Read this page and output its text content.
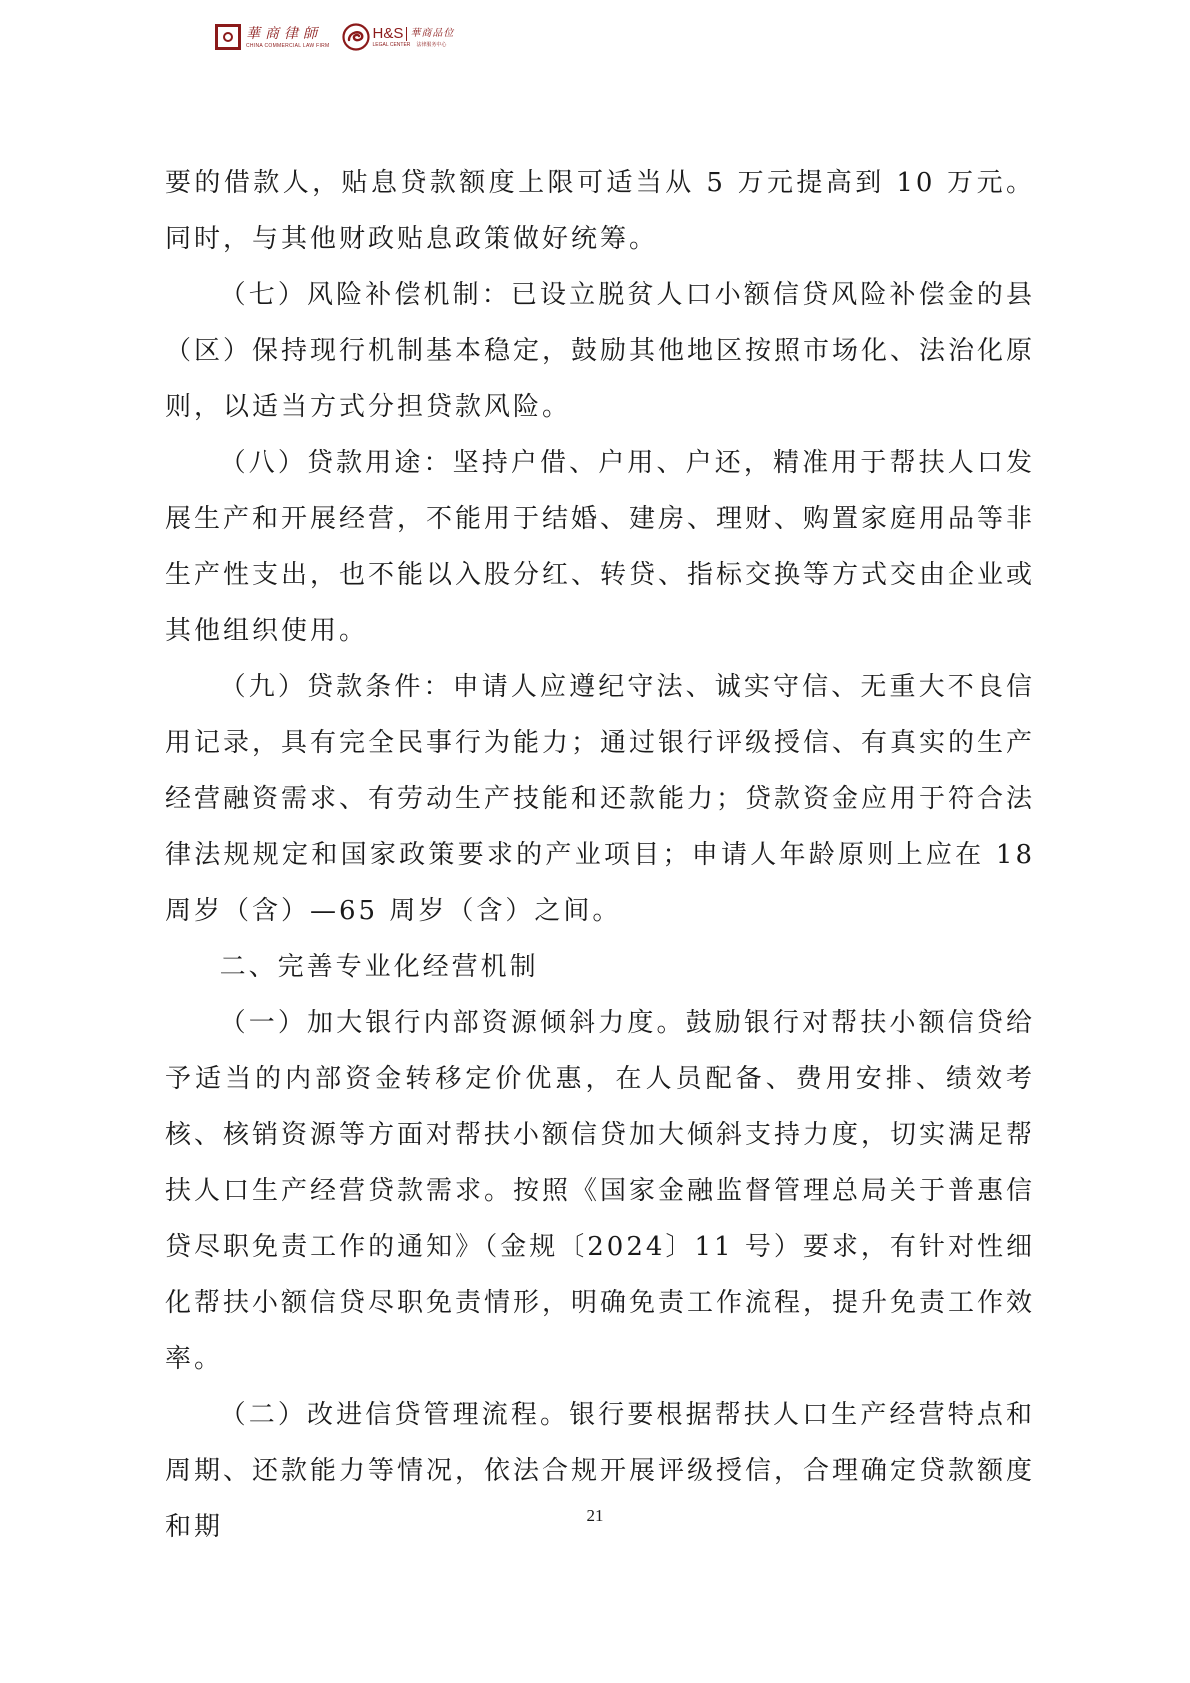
華商律師
CHINA COMMERCIAL LAW FIRM
H&S 華商品位
LEGAL CENTER 法律服务中心

要的借款人，贴息贷款额度上限可适当从 5 万元提高到 10 万元。同时，与其他财政贴息政策做好统筹。

（七）风险补偿机制：已设立脱贫人口小额信贷风险补偿金的县（区）保持现行机制基本稳定，鼓励其他地区按照市场化、法治化原则，以适当方式分担贷款风险。

（八）贷款用途：坚持户借、户用、户还，精准用于帮扶人口发展生产和开展经营，不能用于结婚、建房、理财、购置家庭用品等非生产性支出，也不能以入股分红、转贷、指标交换等方式交由企业或其他组织使用。

（九）贷款条件：申请人应遵纪守法、诚实守信、无重大不良信用记录，具有完全民事行为能力；通过银行评级授信、有真实的生产经营融资需求、有劳动生产技能和还款能力；贷款资金应用于符合法律法规规定和国家政策要求的产业项目；申请人年龄原则上应在 18 周岁（含）—65 周岁（含）之间。

二、完善专业化经营机制

（一）加大银行内部资源倾斜力度。鼓励银行对帮扶小额信贷给予适当的内部资金转移定价优惠，在人员配备、费用安排、绩效考核、核销资源等方面对帮扶小额信贷加大倾斜支持力度，切实满足帮扶人口生产经营贷款需求。按照《国家金融监督管理总局关于普惠信贷尽职免责工作的通知》（金规〔2024〕11 号）要求，有针对性细化帮扶小额信贷尽职免责情形，明确免责工作流程，提升免责工作效率。

（二）改进信贷管理流程。银行要根据帮扶人口生产经营特点和周期、还款能力等情况，依法合规开展评级授信，合理确定贷款额度和期	21
